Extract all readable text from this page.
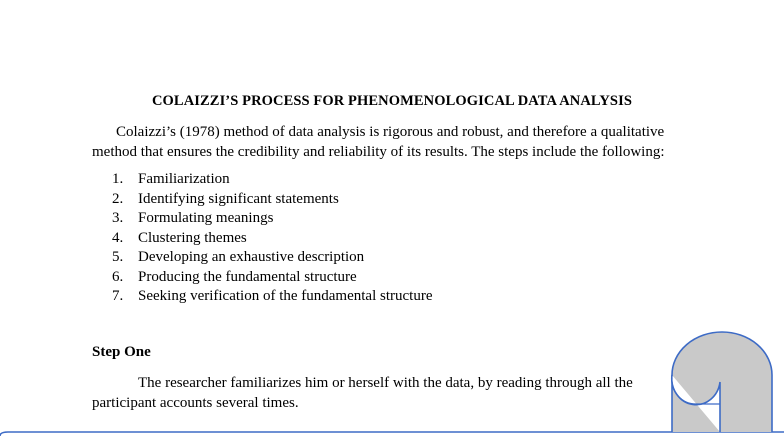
COLAIZZI’S PROCESS FOR PHENOMENOLOGICAL DATA ANALYSIS
Colaizzi’s (1978) method of data analysis is rigorous and robust, and therefore a qualitative
method that ensures the credibility and reliability of its results. The steps include the following:
1. Familiarization
2. Identifying significant statements
3. Formulating meanings
4. Clustering themes
5. Developing an exhaustive description
6. Producing the fundamental structure
7. Seeking verification of the fundamental structure
Step One
The researcher familiarizes him or herself with the data, by reading through all the
participant accounts several times.
